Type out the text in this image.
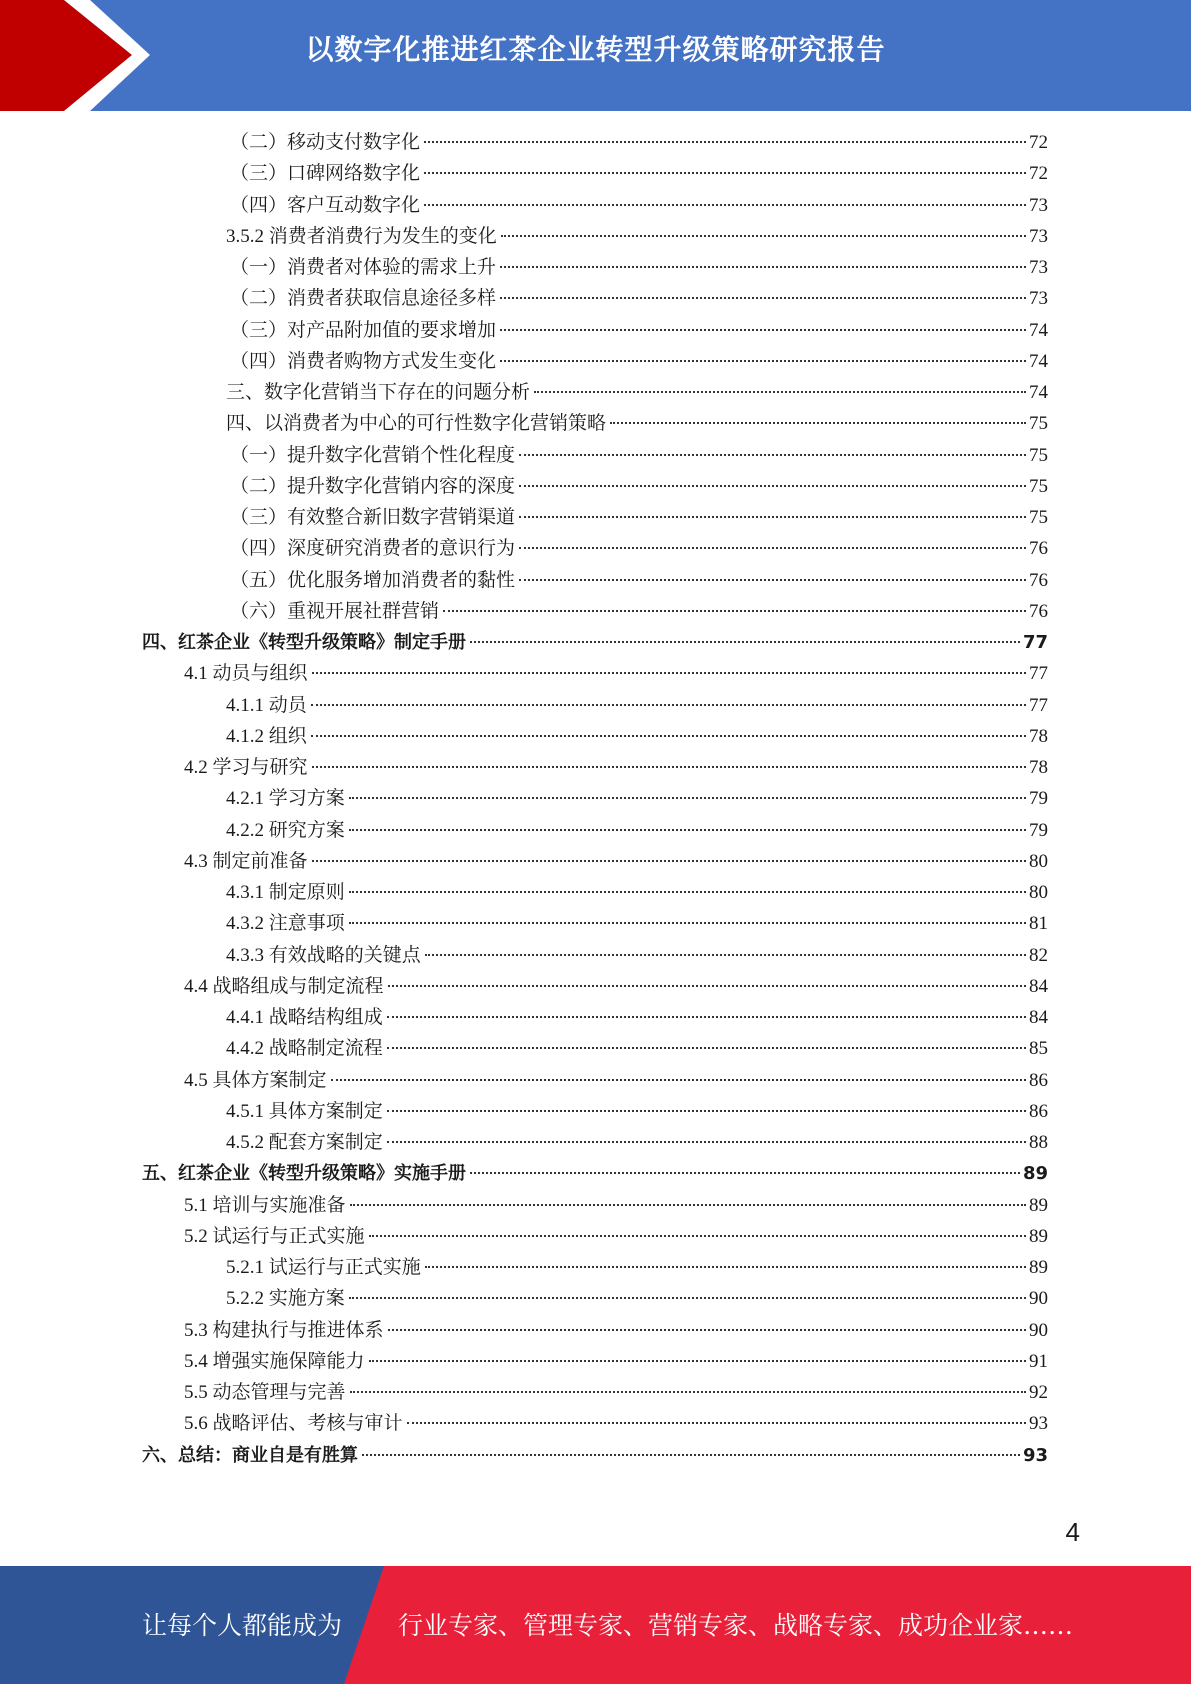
以数字化推进红茶企业转型升级策略研究报告
（二）移动支付数字化	72
（三）口碑网络数字化	72
（四）客户互动数字化	73
3.5.2 消费者消费行为发生的变化	73
（一）消费者对体验的需求上升	73
（二）消费者获取信息途径多样	73
（三）对产品附加值的要求增加	74
（四）消费者购物方式发生变化	74
三、数字化营销当下存在的问题分析	74
四、以消费者为中心的可行性数字化营销策略	75
（一）提升数字化营销个性化程度	75
（二）提升数字化营销内容的深度	75
（三）有效整合新旧数字营销渠道	75
（四）深度研究消费者的意识行为	76
（五）优化服务增加消费者的黏性	76
（六）重视开展社群营销	76
四、红茶企业《转型升级策略》制定手册	77
4.1 动员与组织	77
4.1.1 动员	77
4.1.2 组织	78
4.2 学习与研究	78
4.2.1 学习方案	79
4.2.2 研究方案	79
4.3 制定前准备	80
4.3.1 制定原则	80
4.3.2 注意事项	81
4.3.3 有效战略的关键点	82
4.4 战略组成与制定流程	84
4.4.1 战略结构组成	84
4.4.2 战略制定流程	85
4.5 具体方案制定	86
4.5.1 具体方案制定	86
4.5.2 配套方案制定	88
五、红茶企业《转型升级策略》实施手册	89
5.1 培训与实施准备	89
5.2 试运行与正式实施	89
5.2.1 试运行与正式实施	89
5.2.2 实施方案	90
5.3 构建执行与推进体系	90
5.4 增强实施保障能力	91
5.5 动态管理与完善	92
5.6 战略评估、考核与审计	93
六、总结：商业自是有胜算	93
4
让每个人都能成为 行业专家、管理专家、营销专家、战略专家、成功企业家……
